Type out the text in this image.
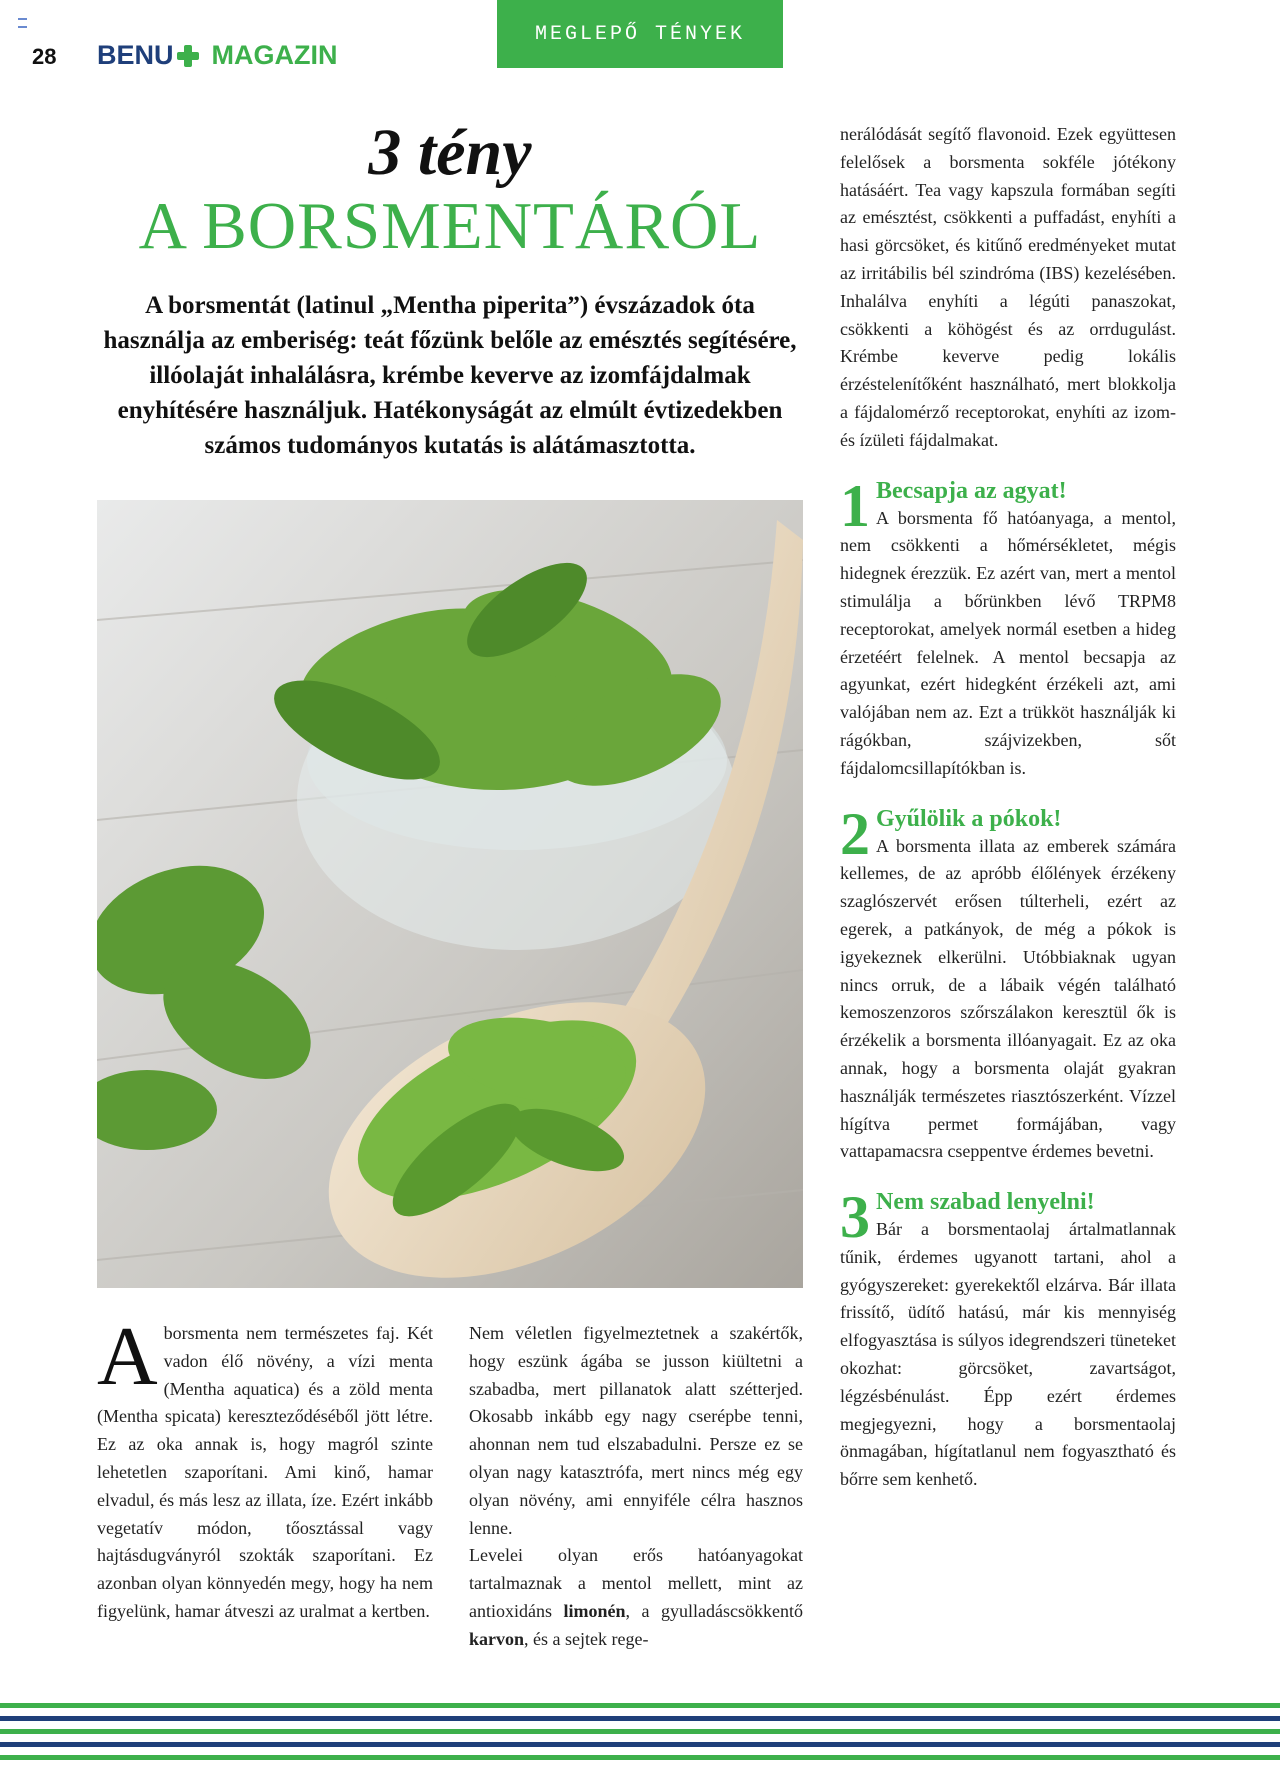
28 BENU MAGAZIN
MEGLEPŐ TÉNYEK
3 tény
A BORSMENTÁRÓL
A borsmentát (latinul „Mentha piperita”) évszázadok óta használja az emberiség: teát főzünk belőle az emésztés segítésére, illóolaját inhalálásra, krémbe keverve az izomfájdalmak enyhítésére használjuk. Hatékonyságát az elmúlt évtizedekben számos tudományos kutatás is alátámasztotta.
Aborsmenta nem természetes faj. Két vadon élő növény, a vízi menta (Mentha aquatica) és a zöld menta (Mentha spicata) kereszteződéséből jött létre. Ez az oka annak is, hogy magról szinte lehetetlen szaporítani. Ami kinő, hamar elvadul, és más lesz az illata, íze. Ezért inkább vegetatív módon, tőosztással vagy hajtásdugványról szokták szaporítani. Ez azonban olyan könnyedén megy, hogy ha nem figyelünk, hamar átveszi az uralmat a kertben.
Nem véletlen figyelmeztetnek a szakértők, hogy eszünk ágába se jusson kiültetni a szabadba, mert pillanatok alatt szétterjed. Okosabb inkább egy nagy cserépbe tenni, ahonnan nem tud elszabadulni. Persze ez se olyan nagy katasztrófa, mert nincs még egy olyan növény, ami ennyiféle célra hasznos lenne.
Levelei olyan erős hatóanyagokat tartalmaznak a mentol mellett, mint az antioxidáns limonén, a gyulladáscsökkentő karvon, és a sejtek rege-
nerálódását segítő flavonoid. Ezek együttesen felelősek a borsmenta sokféle jótékony hatásáért. Tea vagy kapszula formában segíti az emésztést, csökkenti a puffadást, enyhíti a hasi görcsöket, és kitűnő eredményeket mutat az irritábilis bél szindróma (IBS) kezelésében. Inhalálva enyhíti a légúti panaszokat, csökkenti a köhögést és az orrdugulást. Krémbe keverve pedig lokális érzéstelenítőként használható, mert blokkolja a fájdalomérző receptorokat, enyhíti az izom- és ízületi fájdalmakat.
1 Becsapja az agyat!
A borsmenta fő hatóanyaga, a mentol, nem csökkenti a hőmérsékletet, mégis hidegnek érezzük. Ez azért van, mert a mentol stimulálja a bőrünkben lévő TRPM8 receptorokat, amelyek normál esetben a hideg érzetéért felelnek. A mentol becsapja az agyunkat, ezért hidegként érzékeli azt, ami valójában nem az. Ezt a trükköt használják ki rágókban, szájvizekben, sőt fájdalomcsillapítókban is.
2 Gyűlölik a pókok!
A borsmenta illata az emberek számára kellemes, de az apróbb élőlények érzékeny szaglószervét erősen túlterheli, ezért az egerek, a patkányok, de még a pókok is igyekeznek elkerülni. Utóbbiaknak ugyan nincs orruk, de a lábaik végén található kemoszenzoros szőrszálakon keresztül ők is érzékelik a borsmenta illóanyagait. Ez az oka annak, hogy a borsmenta olaját gyakran használják természetes riasztószerként. Vízzel hígítva permet formájában, vagy vattapamacsra cseppentve érdemes bevetni.
3 Nem szabad lenyelni!
Bár a borsmentaolaj ártalmatlannak tűnik, érdemes ugyanott tartani, ahol a gyógyszereket: gyerekektől elzárva. Bár illata frissítő, üdítő hatású, már kis mennyiség elfogyasztása is súlyos idegrendszeri tüneteket okozhat: görcsöket, zavartságot, légzésbénulást. Épp ezért érdemes megjegyezni, hogy a borsmentaolaj önmagában, hígítatlanul nem fogyasztható és bőrre sem kenhető.
